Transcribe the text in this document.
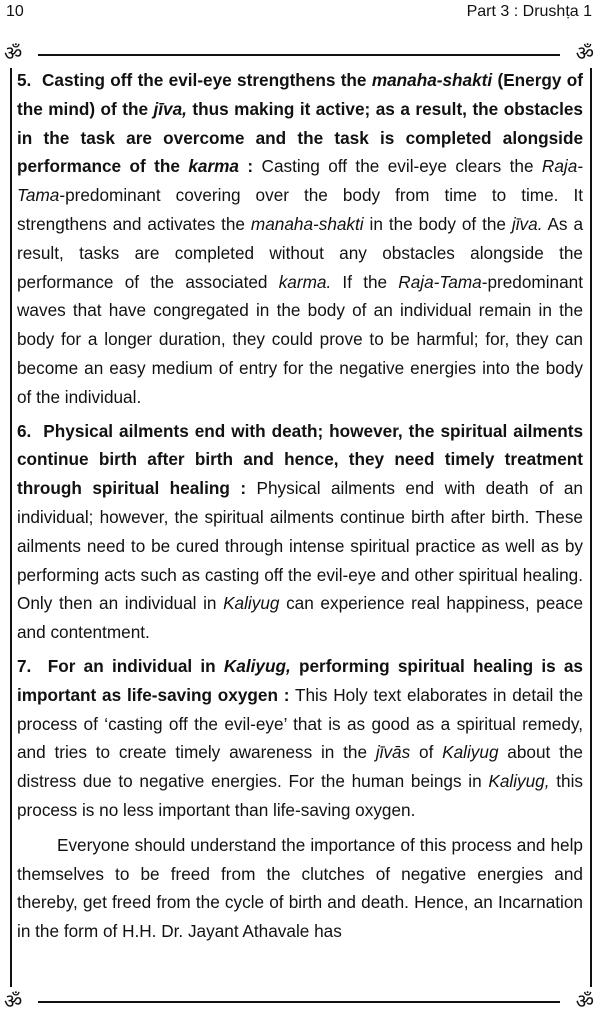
10	Part 3 : Drushṭa 1
ॐ	ॐ
ॐ	ॐ

5.  Casting off the evil-eye strengthens the manaha-shakti (Energy of the mind) of the jīva, thus making it active; as a result, the obstacles in the task are overcome and the task is completed alongside performance of the karma : Casting off the evil-eye clears the Raja-Tama-predominant covering over the body from time to time. It strengthens and activates the manaha-shakti in the body of the jīva. As a result, tasks are completed without any obstacles alongside the performance of the associated karma. If the Raja-Tama-predominant waves that have congregated in the body of an individual remain in the body for a longer duration, they could prove to be harmful; for, they can become an easy medium of entry for the negative energies into the body of the individual.

6.  Physical ailments end with death; however, the spiritual ailments continue birth after birth and hence, they need timely treatment through spiritual healing : Physical ailments end with death of an individual; however, the spiritual ailments continue birth after birth. These ailments need to be cured through intense spiritual practice as well as by performing acts such as casting off the evil-eye and other spiritual healing. Only then an individual in Kaliyug can experience real happiness, peace and contentment.

7.  For an individual in Kaliyug, performing spiritual healing is as important as life-saving oxygen : This Holy text elaborates in detail the process of ‘casting off the evil-eye’ that is as good as a spiritual remedy, and tries to create timely awareness in the jīvās of Kaliyug about the distress due to negative energies. For the human beings in Kaliyug, this process is no less important than life-saving oxygen.

Everyone should understand the importance of this process and help themselves to be freed from the clutches of negative energies and thereby, get freed from the cycle of birth and death. Hence, an Incarnation in the form of H.H. Dr. Jayant Athavale has
